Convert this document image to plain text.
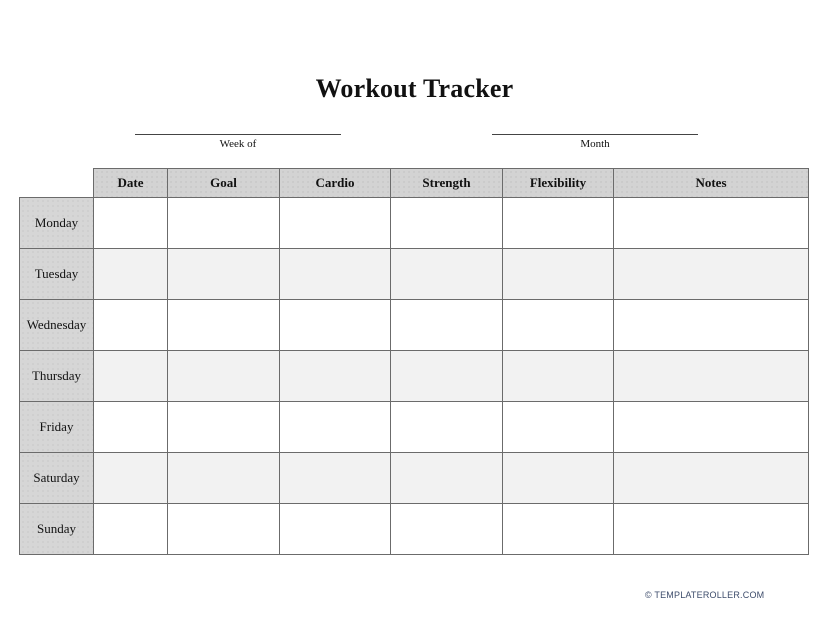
Workout Tracker
Week of	Month
	Date	Goal	Cardio	Strength	Flexibility	Notes
Monday						
Tuesday						
Wednesday						
Thursday						
Friday						
Saturday						
Sunday						
© TEMPLATEROLLER.COM
